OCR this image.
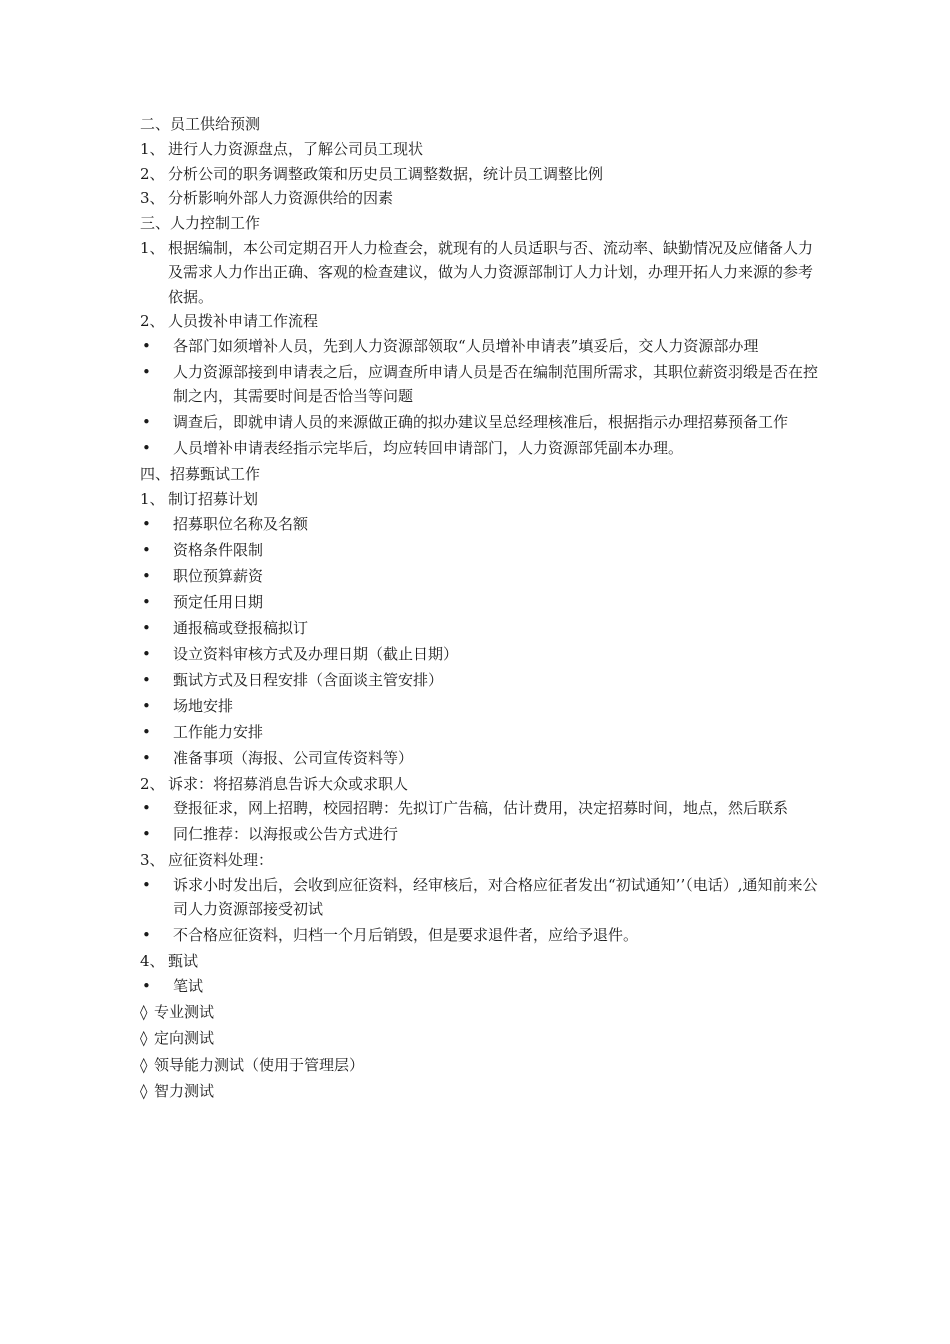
二、员工供给预测
1、 进行人力资源盘点，了解公司员工现状
2、 分析公司的职务调整政策和历史员工调整数据，统计员工调整比例
3、 分析影响外部人力资源供给的因素
三、人力控制工作
1、 根据编制，本公司定期召开人力检查会，就现有的人员适职与否、流动率、缺勤情况及应储备人力及需求人力作出正确、客观的检查建议，做为人力资源部制订人力计划，办理开拓人力来源的参考依据。
2、 人员拨补申请工作流程
•	各部门如须增补人员，先到人力资源部领取“人员增补申请表”填妥后，交人力资源部办理
•	人力资源部接到申请表之后，应调查所申请人员是否在编制范围所需求，其职位薪资羽缎是否在控制之内，其需要时间是否恰当等问题
•	调查后，即就申请人员的来源做正确的拟办建议呈总经理核准后，根据指示办理招募预备工作
•	人员增补申请表经指示完毕后，均应转回申请部门，人力资源部凭副本办理。
四、招募甄试工作
1、 制订招募计划
•	招募职位名称及名额
•	资格条件限制
•	职位预算薪资
•	预定任用日期
•	通报稿或登报稿拟订
•	设立资料审核方式及办理日期（截止日期）
•	甄试方式及日程安排（含面谈主管安排）
•	场地安排
•	工作能力安排
•	准备事项（海报、公司宣传资料等）
2、 诉求：将招募消息告诉大众或求职人
•	登报征求，网上招聘，校园招聘：先拟订广告稿，估计费用，决定招募时间，地点，然后联系
•	同仁推荐：以海报或公告方式进行
3、 应征资料处理：
•	诉求小时发出后，会收到应征资料，经审核后，对合格应征者发出“初试通知’’（电话）,通知前来公司人力资源部接受初试
•	不合格应征资料，归档一个月后销毁，但是要求退件者，应给予退件。
4、 甄试
•	笔试
◊ 专业测试
◊ 定向测试
◊ 领导能力测试（使用于管理层）
◊ 智力测试
